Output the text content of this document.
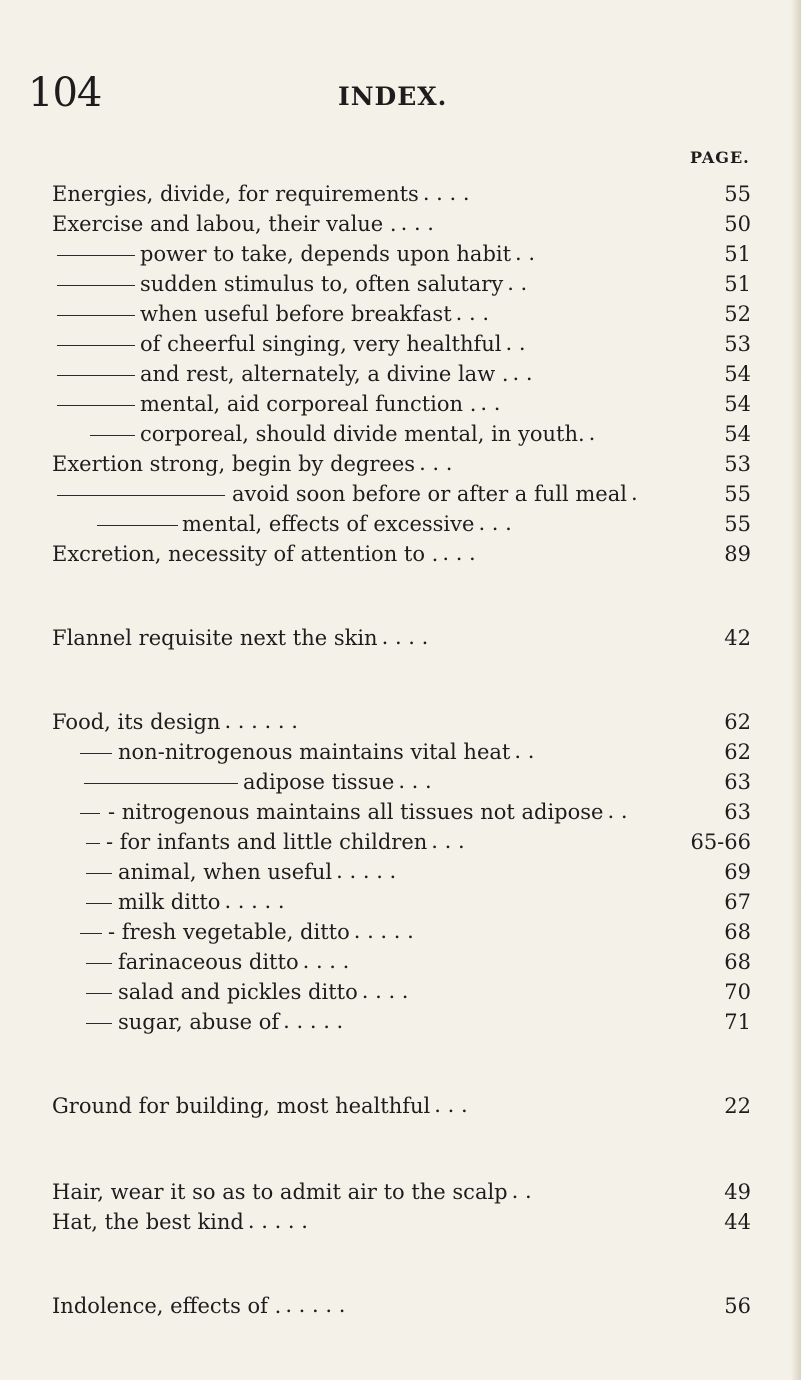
104	INDEX.
PAGE.
Energies, divide, for requirements . . . .	55
Exercise and labou, their value . . . .	50
power to take, depends upon habit . .	51
sudden stimulus to, often salutary . .	51
when useful before breakfast . . .	52
of cheerful singing, very healthful . .	53
and rest, alternately, a divine law . . .	54
mental, aid corporeal function . . .	54
corporeal, should divide mental, in youth. .	54
Exertion strong, begin by degrees . . .	53
avoid soon before or after a full meal .	55
mental, effects of excessive . . .	55
Excretion, necessity of attention to . . . .	89
Flannel requisite next the skin . . . .	42
Food, its design . . . . . .	62
non-nitrogenous maintains vital heat . .	62
adipose tissue . . .	63
- nitrogenous maintains all tissues not adipose . .	63
- for infants and little children . . .	65-66
animal, when useful . . . . .	69
milk ditto . . . . .	67
- fresh vegetable, ditto . . . . .	68
farinaceous ditto . . . .	68
salad and pickles ditto . . . .	70
sugar, abuse of . . . . .	71
Ground for building, most healthful . . .	22
Hair, wear it so as to admit air to the scalp . .	49
Hat, the best kind . . . . .	44
Indolence, effects of . . . . . .	56
